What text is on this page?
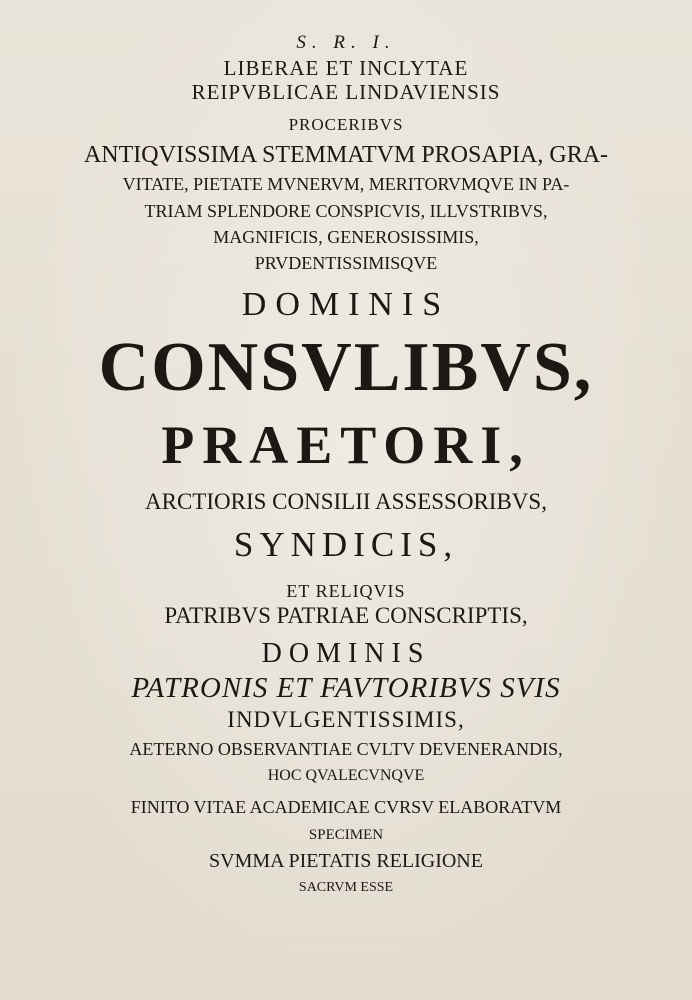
S. R. I.
LIBERAE ET INCLYTAE
REIPVBLICAE LINDAVIENSIS
PROCERIBVS
ANTIQVISSIMA STEMMATVM PROSAPIA, GRA-
VITATE, PIETATE MVNERVM, MERITORVMQVE IN PA-
TRIAM SPLENDORE CONSPICVIS, ILLVSTRIBVS,
MAGNIFICIS, GENEROSISSIMIS,
PRVDENTISSIMISQVE
DOMINIS
CONSVLIBVS,
PRAETORI,
ARCTIORIS CONSILII ASSESSORIBVS,
SYNDICIS,
ET RELIQVIS
PATRIBVS PATRIAE CONSCRIPTIS,
DOMINIS
PATRONIS ET FAVTORIBVS SVIS
INDVLGENTISSIMIS,
AETERNO OBSERVANTIAE CVLTV DEVENERANDIS,
HOC QVALECVNQVE
FINITO VITAE ACADEMICAE CVRSV ELABORATVM
SPECIMEN
SVMMA PIETATIS RELIGIONE
SACRVM ESSE
